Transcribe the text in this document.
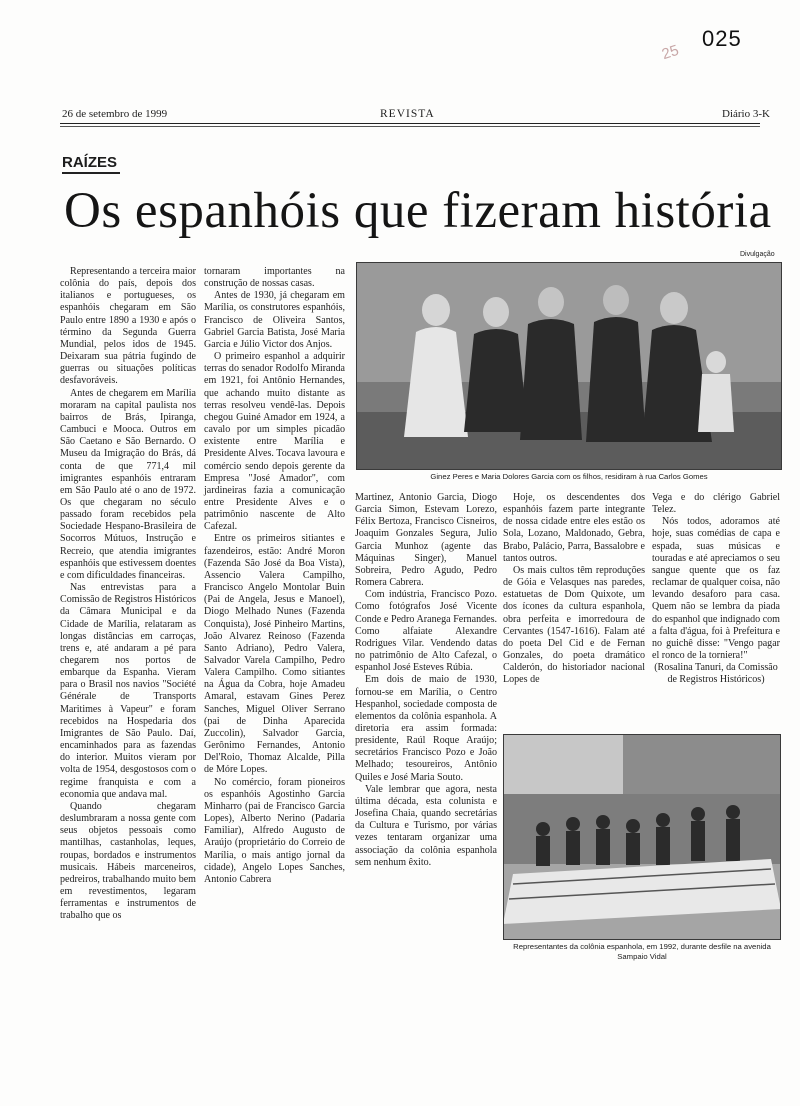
025
25
26 de setembro de 1999	REVISTA	Diário 3-K
RAÍZES
Os espanhóis que fizeram história
Divulgação

Representando a terceira maior colônia do país, depois dos italianos e portugueses, os espanhóis chegaram em São Paulo entre 1890 a 1930 e após o término da Segunda Guerra Mundial, pelos idos de 1945. Deixaram sua pátria fugindo de guerras ou situações políticas desfavoráveis.

Antes de chegarem em Marília moraram na capital paulista nos bairros de Brás, Ipiranga, Cambuci e Mooca. Outros em São Caetano e São Bernardo. O Museu da Imigração do Brás, dá conta de que 771,4 mil imigrantes espanhóis entraram em São Paulo até o ano de 1972. Os que chegaram no século passado foram recebidos pela Sociedade Hespano-Brasileira de Socorros Mútuos, Instrução e Recreio, que atendia imigrantes espanhóis que estivessem doentes e com dificuldades financeiras.

Nas entrevistas para a Comissão de Registros Históricos da Câmara Municipal e da Cidade de Marília, relataram as longas distâncias em carroças, trens e, até andaram a pé para chegarem nos portos de embarque da Espanha. Vieram para o Brasil nos navios "Société Générale de Transports Maritimes à Vapeur" e foram recebidos na Hospedaria dos Imigrantes de São Paulo. Daí, encaminhados para as fazendas do interior. Muitos vieram por volta de 1954, desgostosos com o regime franquista e com a economia que andava mal.

Quando chegaram deslumbraram a nossa gente com seus objetos pessoais como mantilhas, castanholas, leques, roupas, bordados e instrumentos musicais. Hábeis marceneiros, pedreiros, trabalhando muito bem em revestimentos, legaram ferramentas e instrumentos de trabalho que os

tornaram importantes na construção de nossas casas.

Antes de 1930, já chegaram em Marília, os construtores espanhóis, Francisco de Oliveira Santos, Gabriel Garcia Batista, José Maria Garcia e Júlio Victor dos Anjos.

O primeiro espanhol a adquirir terras do senador Rodolfo Miranda em 1921, foi Antônio Hernandes, que achando muito distante as terras resolveu vendê-las. Depois chegou Guiné Amador em 1924, a cavalo por um simples picadão existente entre Marília e Presidente Alves. Tocava lavoura e comércio sendo depois gerente da Empresa "José Amador", com jardineiras fazia a comunicação entre Presidente Alves e o patrimônio nascente de Alto Cafezal.

Entre os primeiros sitiantes e fazendeiros, estão: André Moron (Fazenda São José da Boa Vista), Assencio Valera Campilho, Francisco Angelo Montolar Buin (Pai de Angela, Jesus e Manoel), Diogo Melhado Nunes (Fazenda Conquista), José Pinheiro Martins, João Alvarez Reinoso (Fazenda Santo Adriano), Pedro Valera, Salvador Varela Campilho, Pedro Valera Campilho. Como sitiantes na Água da Cobra, hoje Amadeu Amaral, estavam Gines Perez Sanches, Miguel Oliver Serrano (pai de Dinha Aparecida Zuccolin), Salvador Garcia, Gerônimo Fernandes, Antonio Del'Roio, Thomaz Alcalde, Pilla de Móre Lopes.

No comércio, foram pioneiros os espanhóis Agostinho Garcia Minharro (pai de Francisco Garcia Lopes), Alberto Nerino (Padaria Familiar), Alfredo Augusto de Araújo (proprietário do Correio de Marília, o mais antigo jornal da cidade), Angelo Lopes Sanches, Antonio Cabrera

Martinez, Antonio Garcia, Diogo Garcia Simon, Estevam Lorezo, Félix Bertoza, Francisco Cisneiros, Joaquim Gonzales Segura, Julio Garcia Munhoz (agente das Máquinas Singer), Manuel Sobreira, Pedro Agudo, Pedro Romera Cabrera.

Com indústria, Francisco Pozo. Como fotógrafos José Vicente Conde e Pedro Aranega Fernandes. Como alfaiate Alexandre Rodrigues Vilar. Vendendo datas no patrimônio de Alto Cafezal, o espanhol José Esteves Rúbia.

Em dois de maio de 1930, fornou-se em Marília, o Centro Hespanhol, sociedade composta de elementos da colônia espanhola. A diretoria era assim formada: presidente, Raúl Roque Araújo; secretários Francisco Pozo e João Melhado; tesoureiros, Antônio Quiles e José Maria Souto.

Vale lembrar que agora, nesta última década, esta colunista e Josefina Chaia, quando secretárias da Cultura e Turismo, por várias vezes tentaram organizar uma associação da colônia espanhola sem nenhum êxito.

Hoje, os descendentes dos espanhóis fazem parte integrante de nossa cidade entre eles estão os Sola, Lozano, Maldonado, Gebra, Brabo, Palácio, Parra, Bassalobre e tantos outros.

Os mais cultos têm reproduções de Góia e Velasques nas paredes, estatuetas de Dom Quixote, um dos ícones da cultura espanhola, obra perfeita e imorredoura de Cervantes (1547-1616). Falam até do poeta Del Cid e de Fernan Gonzales, do poeta dramático Calderón, do historiador nacional Lopes de

Vega e do clérigo Gabriel Telez.

Nós todos, adoramos até hoje, suas comédias de capa e espada, suas músicas e touradas e até apreciamos o seu sangue quente que os faz reclamar de qualquer coisa, não levando desaforo para casa. Quem não se lembra da piada do espanhol que indignado com a falta d'água, foi à Prefeitura e no guichê disse: "Vengo pagar el ronco de la torniera!"

(Rosalina Tanuri, da Comissão de Registros Históricos)

Ginez Peres e Maria Dolores Garcia com os filhos, residiram à rua Carlos Gomes
Representantes da colônia espanhola, em 1992, durante desfile na avenida Sampaio Vidal
